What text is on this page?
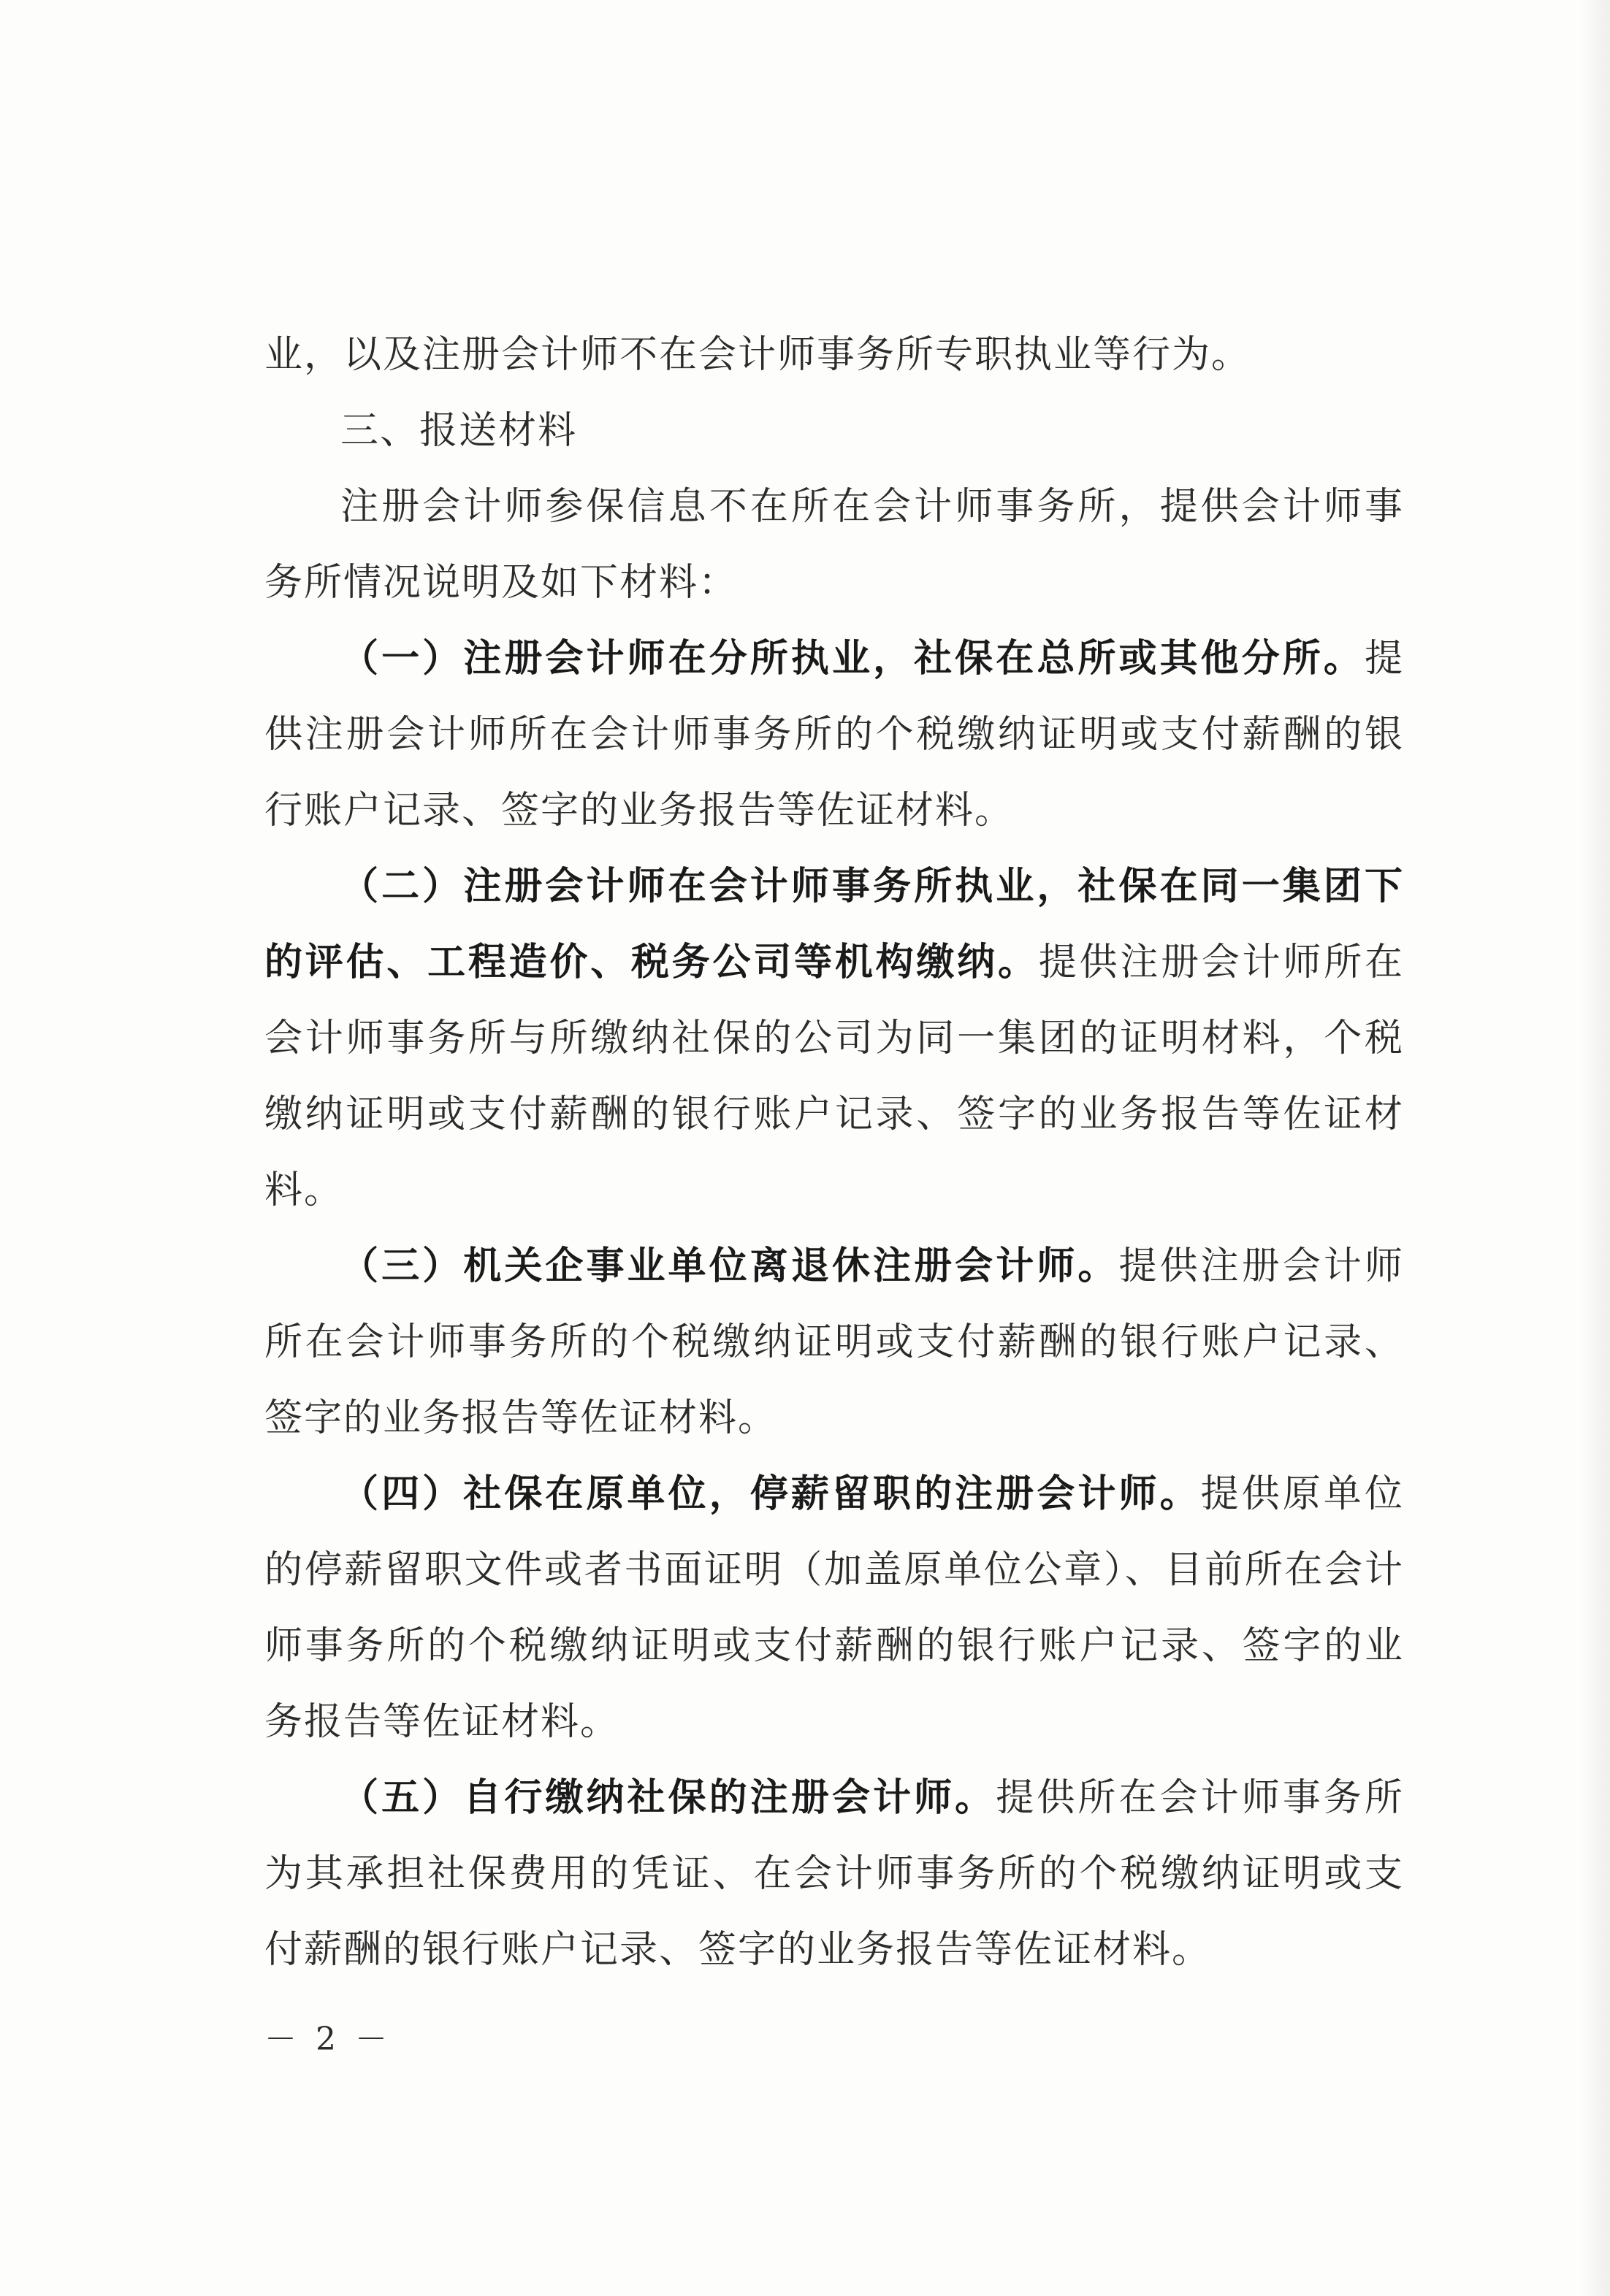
业，以及注册会计师不在会计师事务所专职执业等行为。

三、报送材料

注册会计师参保信息不在所在会计师事务所，提供会计师事务所情况说明及如下材料：

（一）注册会计师在分所执业，社保在总所或其他分所。提供注册会计师所在会计师事务所的个税缴纳证明或支付薪酬的银行账户记录、签字的业务报告等佐证材料。

（二）注册会计师在会计师事务所执业，社保在同一集团下的评估、工程造价、税务公司等机构缴纳。提供注册会计师所在会计师事务所与所缴纳社保的公司为同一集团的证明材料，个税缴纳证明或支付薪酬的银行账户记录、签字的业务报告等佐证材料。

（三）机关企事业单位离退休注册会计师。提供注册会计师所在会计师事务所的个税缴纳证明或支付薪酬的银行账户记录、签字的业务报告等佐证材料。

（四）社保在原单位，停薪留职的注册会计师。提供原单位的停薪留职文件或者书面证明（加盖原单位公章）、目前所在会计师事务所的个税缴纳证明或支付薪酬的银行账户记录、签字的业务报告等佐证材料。

（五）自行缴纳社保的注册会计师。提供所在会计师事务所为其承担社保费用的凭证、在会计师事务所的个税缴纳证明或支付薪酬的银行账户记录、签字的业务报告等佐证材料。

－ 2 －
